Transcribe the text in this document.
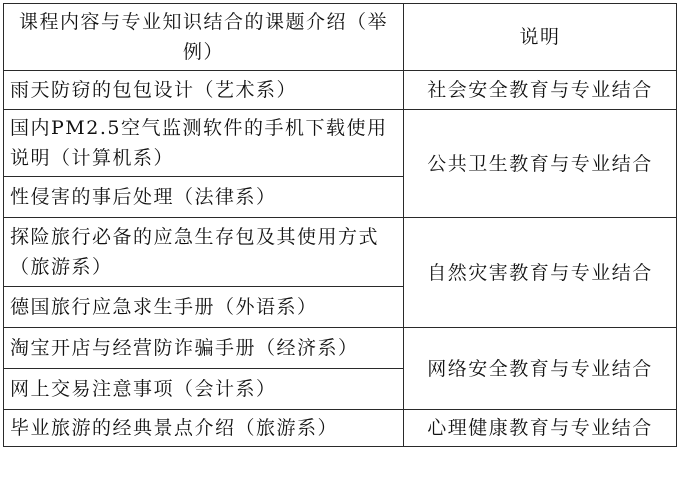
课程内容与专业知识结合的课题介绍（举例）	说明
雨天防窃的包包设计（艺术系）	社会安全教育与专业结合
国内PM2.5空气监测软件的手机下载使用说明（计算机系）	公共卫生教育与专业结合
性侵害的事后处理（法律系）	
探险旅行必备的应急生存包及其使用方式（旅游系）	自然灾害教育与专业结合
德国旅行应急求生手册（外语系）	
淘宝开店与经营防诈骗手册（经济系）	网络安全教育与专业结合
网上交易注意事项（会计系）	
毕业旅游的经典景点介绍（旅游系）	心理健康教育与专业结合
